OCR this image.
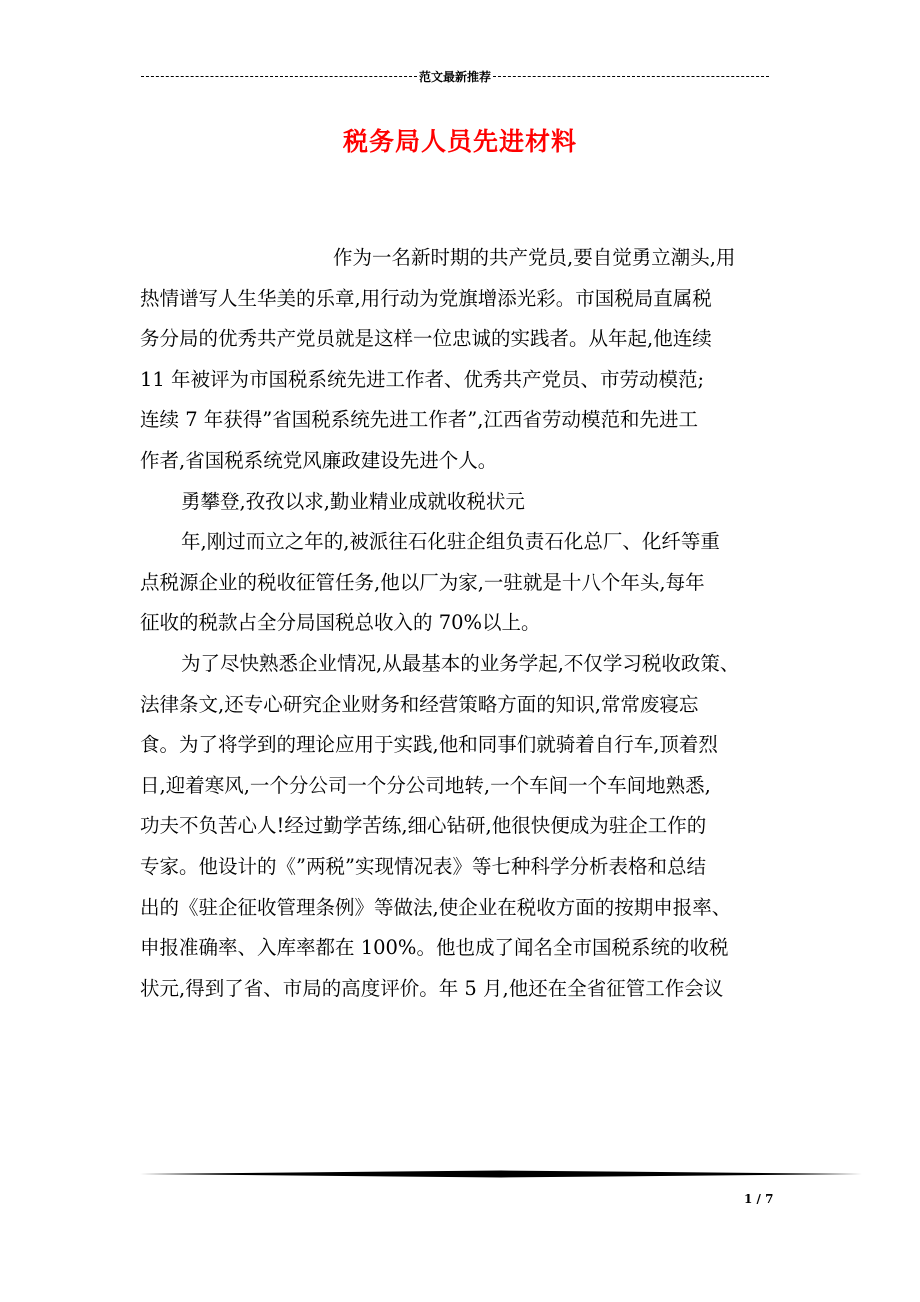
范文最新推荐
税务局人员先进材料
作为一名新时期的共产党员,要自觉勇立潮头,用
热情谱写人生华美的乐章,用行动为党旗增添光彩。市国税局直属税
务分局的优秀共产党员就是这样一位忠诚的实践者。从年起,他连续
11 年被评为市国税系统先进工作者、优秀共产党员、市劳动模范;
连续 7 年获得”省国税系统先进工作者”,江西省劳动模范和先进工
作者,省国税系统党风廉政建设先进个人。
勇攀登,孜孜以求,勤业精业成就收税状元
年,刚过而立之年的,被派往石化驻企组负责石化总厂、化纤等重
点税源企业的税收征管任务,他以厂为家,一驻就是十八个年头,每年
征收的税款占全分局国税总收入的 70%以上。
为了尽快熟悉企业情况,从最基本的业务学起,不仅学习税收政策、
法律条文,还专心研究企业财务和经营策略方面的知识,常常废寝忘
食。为了将学到的理论应用于实践,他和同事们就骑着自行车,顶着烈
日,迎着寒风,一个分公司一个分公司地转,一个车间一个车间地熟悉,
功夫不负苦心人!经过勤学苦练,细心钻研,他很快便成为驻企工作的
专家。他设计的《”两税”实现情况表》等七种科学分析表格和总结
出的《驻企征收管理条例》等做法,使企业在税收方面的按期申报率、
申报准确率、入库率都在 100%。他也成了闻名全市国税系统的收税
状元,得到了省、市局的高度评价。年 5 月,他还在全省征管工作会议
1 / 7
